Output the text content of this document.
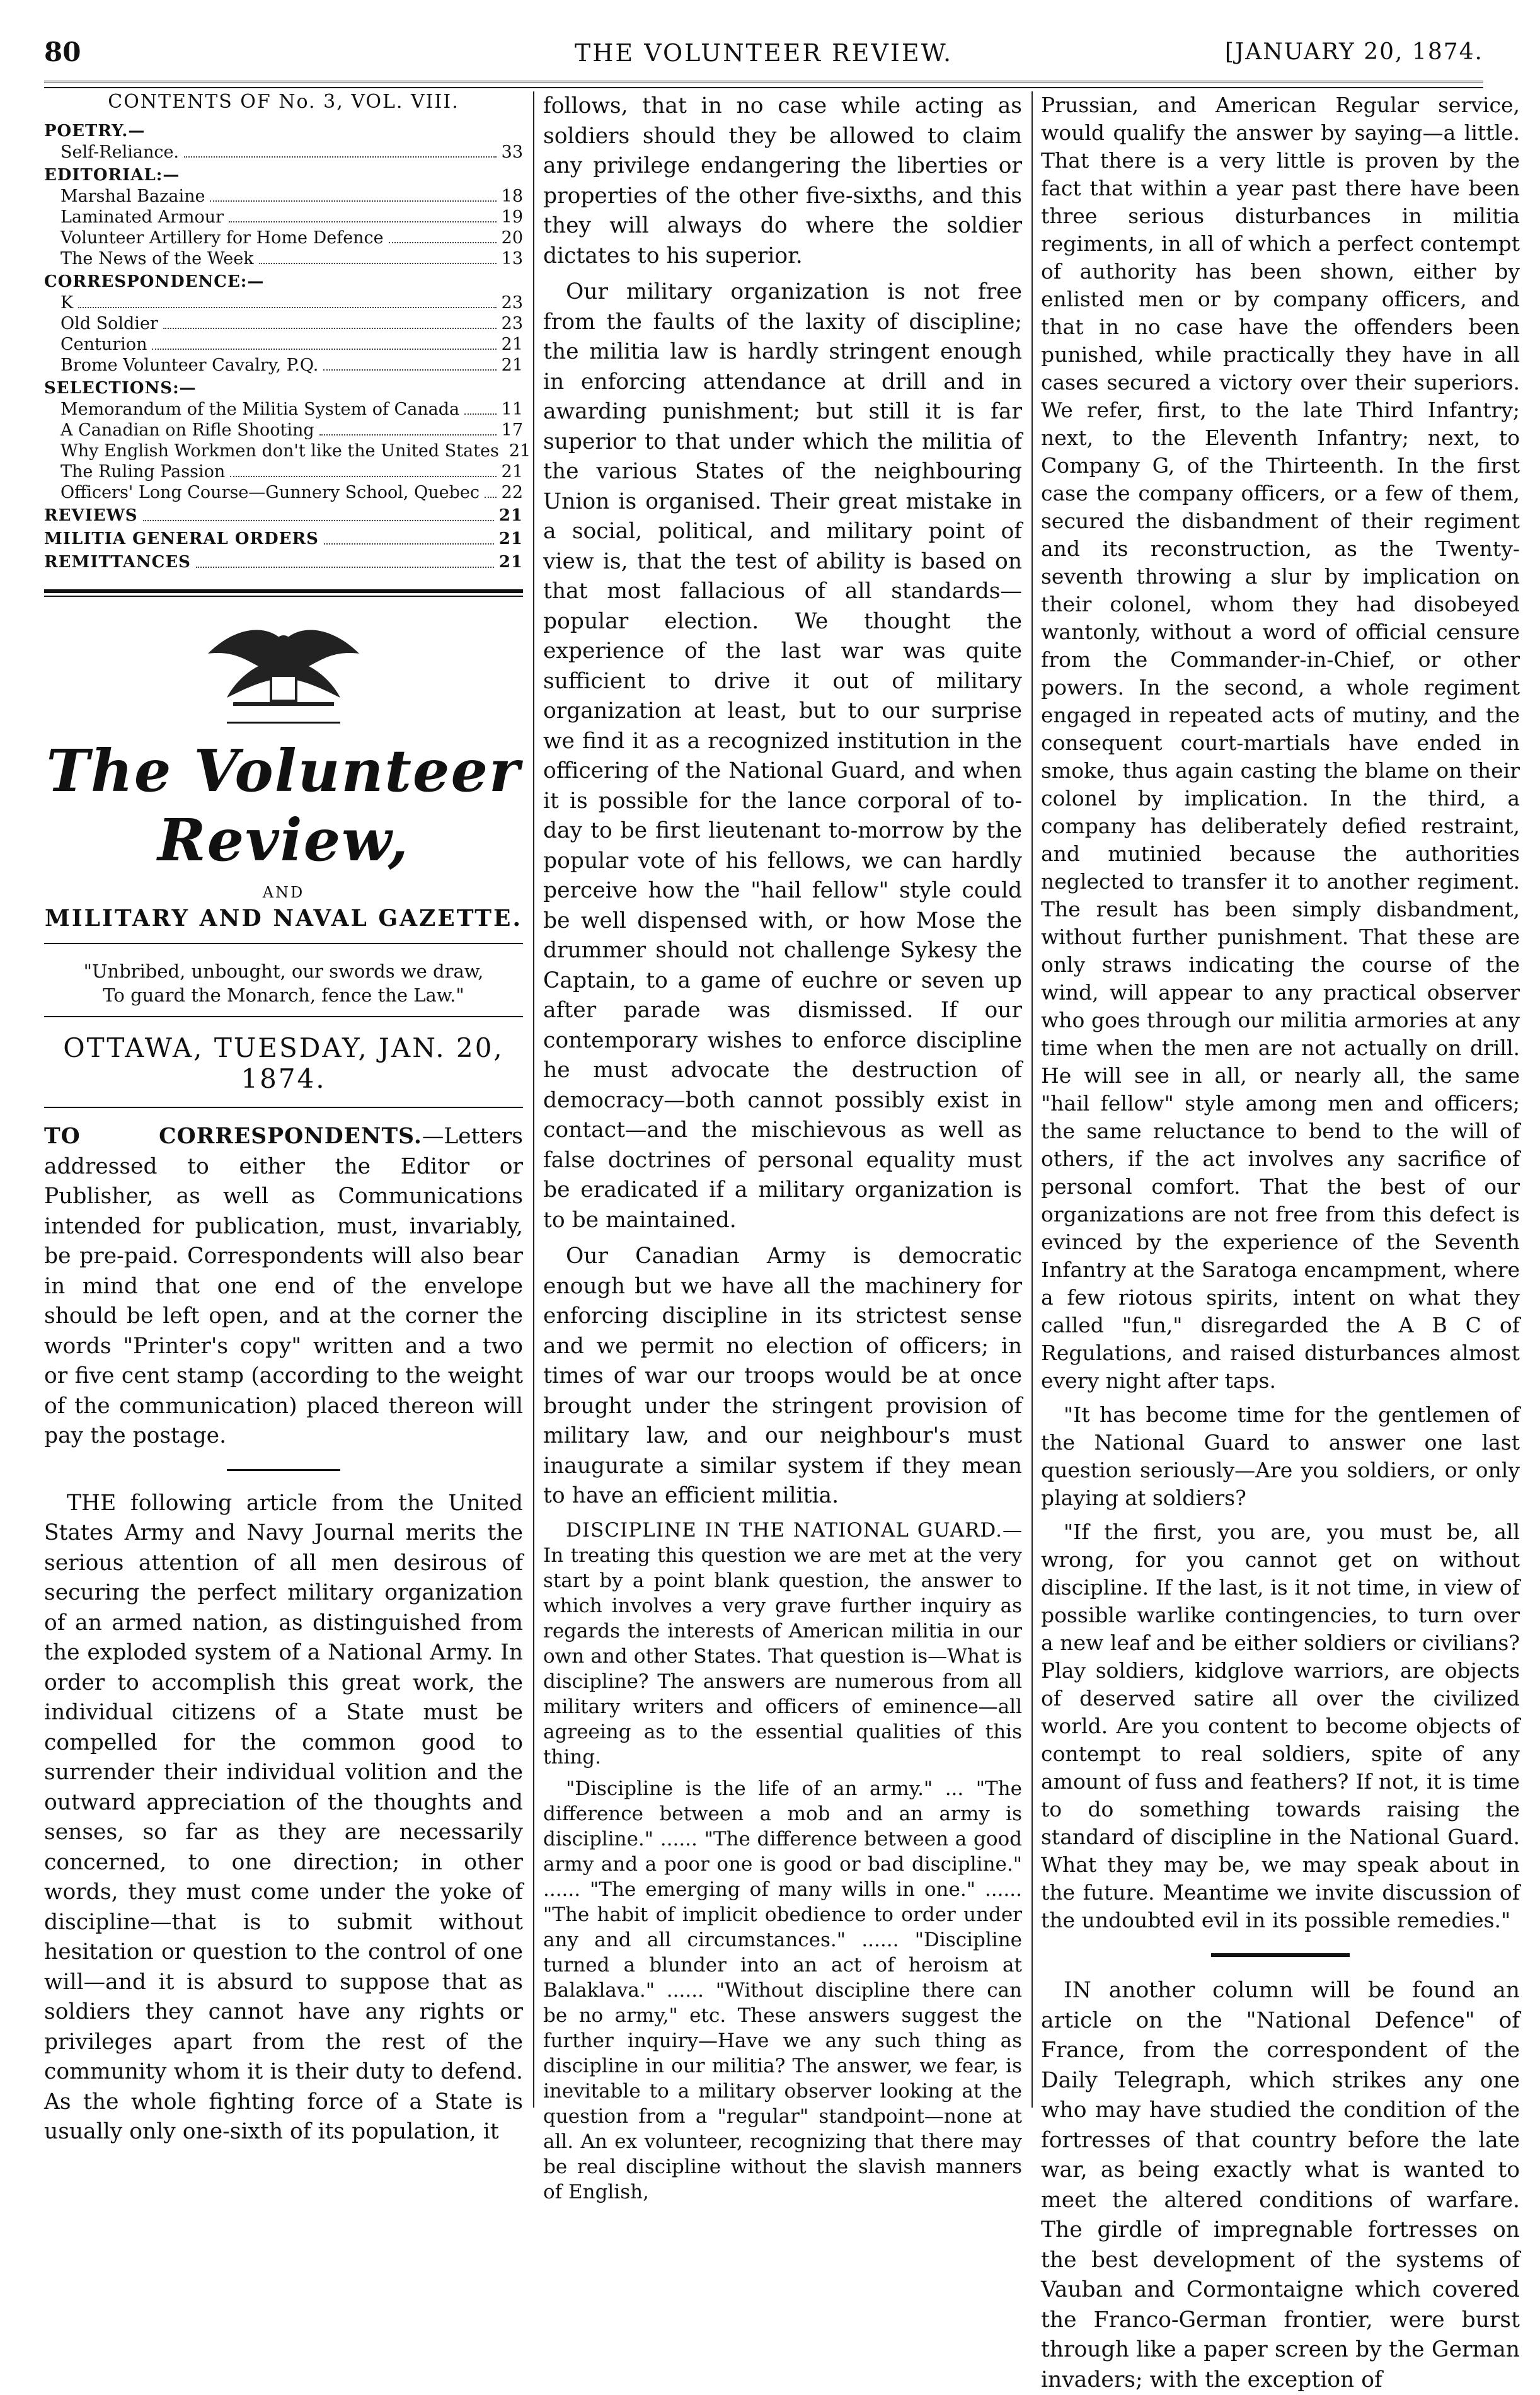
80	THE VOLUNTEER REVIEW.	[JANUARY 20, 1874.
CONTENTS OF No. 3, VOL. VIII.
POETRY.—
Self-Reliance.	33
EDITORIAL:—
Marshal Bazaine	18
Laminated Armour	19
Volunteer Artillery for Home Defence	20
The News of the Week	13
CORRESPONDENCE:—
K	23
Old Soldier	23
Centurion	21
Brome Volunteer Cavalry, P.Q.	21
SELECTIONS:—
Memorandum of the Militia System of Canada 11
A Canadian on Rifle Shooting	17
Why English Workmen don't like the United States 21
The Ruling Passion	21
Officers' Long Course—Gunnery School, Quebec 22
REVIEWS	21
MILITIA GENERAL ORDERS	21
REMITTANCES	21
The Volunteer Review,
AND
MILITARY AND NAVAL GAZETTE.
"Unbribed, unbought, our swords we draw,
To guard the Monarch, fence the Law."
OTTAWA, TUESDAY, JAN. 20, 1874.

TO CORRESPONDENTS.—Letters addressed to either the Editor or Publisher, as well as Communications intended for publication, must, invariably, be pre-paid. Correspondents will also bear in mind that one end of the envelope should be left open, and at the corner the words "Printer's copy" written and a two or five cent stamp (according to the weight of the communication) placed thereon will pay the postage.

THE following article from the United States Army and Navy Journal merits the serious attention of all men desirous of securing the perfect military organization of an armed nation, as distinguished from the exploded system of a National Army. In order to accomplish this great work, the individual citizens of a State must be compelled for the common good to surrender their individual volition and the outward appreciation of the thoughts and senses, so far as they are necessarily concerned, to one direction; in other words, they must come under the yoke of discipline—that is to submit without hesitation or question to the control of one will—and it is absurd to suppose that as soldiers they cannot have any rights or privileges apart from the rest of the community whom it is their duty to defend. As the whole fighting force of a State is usually only one-sixth of its population, it

follows, that in no case while acting as soldiers should they be allowed to claim any privilege endangering the liberties or properties of the other five-sixths, and this they will always do where the soldier dictates to his superior.

Our military organization is not free from the faults of the laxity of discipline; the militia law is hardly stringent enough in enforcing attendance at drill and in awarding punishment; but still it is far superior to that under which the militia of the various States of the neighbouring Union is organised. Their great mistake in a social, political, and military point of view is, that the test of ability is based on that most fallacious of all standards—popular election. We thought the experience of the last war was quite sufficient to drive it out of military organization at least, but to our surprise we find it as a recognized institution in the officering of the National Guard, and when it is possible for the lance corporal of to-day to be first lieutenant to-morrow by the popular vote of his fellows, we can hardly perceive how the "hail fellow" style could be well dispensed with, or how Mose the drummer should not challenge Sykesy the Captain, to a game of euchre or seven up after parade was dismissed. If our contemporary wishes to enforce discipline he must advocate the destruction of democracy—both cannot possibly exist in contact—and the mischievous as well as false doctrines of personal equality must be eradicated if a military organization is to be maintained.

Our Canadian Army is democratic enough but we have all the machinery for enforcing discipline in its strictest sense and we permit no election of officers; in times of war our troops would be at once brought under the stringent provision of military law, and our neighbour's must inaugurate a similar system if they mean to have an efficient militia.

DISCIPLINE IN THE NATIONAL GUARD.—In treating this question we are met at the very start by a point blank question, the answer to which involves a very grave further inquiry as regards the interests of American militia in our own and other States. That question is—What is discipline? The answers are numerous from all military writers and officers of eminence—all agreeing as to the essential qualities of this thing.

"Discipline is the life of an army." ... "The difference between a mob and an army is discipline." ...... "The difference between a good army and a poor one is good or bad discipline." ...... "The emerging of many wills in one." ...... "The habit of implicit obedience to order under any and all circumstances." ...... "Discipline turned a blunder into an act of heroism at Balaklava." ...... "Without discipline there can be no army," etc. These answers suggest the further inquiry—Have we any such thing as discipline in our militia? The answer, we fear, is inevitable to a military observer looking at the question from a "regular" standpoint—none at all. An ex volunteer, recognizing that there may be real discipline without the slavish manners of English,

Prussian, and American Regular service, would qualify the answer by saying—a little. That there is a very little is proven by the fact that within a year past there have been three serious disturbances in militia regiments, in all of which a perfect contempt of authority has been shown, either by enlisted men or by company officers, and that in no case have the offenders been punished, while practically they have in all cases secured a victory over their superiors. We refer, first, to the late Third Infantry; next, to the Eleventh Infantry; next, to Company G, of the Thirteenth. In the first case the company officers, or a few of them, secured the disbandment of their regiment and its reconstruction, as the Twenty-seventh throwing a slur by implication on their colonel, whom they had disobeyed wantonly, without a word of official censure from the Commander-in-Chief, or other powers. In the second, a whole regiment engaged in repeated acts of mutiny, and the consequent court-martials have ended in smoke, thus again casting the blame on their colonel by implication. In the third, a company has deliberately defied restraint, and mutinied because the authorities neglected to transfer it to another regiment. The result has been simply disbandment, without further punishment. That these are only straws indicating the course of the wind, will appear to any practical observer who goes through our militia armories at any time when the men are not actually on drill. He will see in all, or nearly all, the same "hail fellow" style among men and officers; the same reluctance to bend to the will of others, if the act involves any sacrifice of personal comfort. That the best of our organizations are not free from this defect is evinced by the experience of the Seventh Infantry at the Saratoga encampment, where a few riotous spirits, intent on what they called "fun," disregarded the A B C of Regulations, and raised disturbances almost every night after taps.

"It has become time for the gentlemen of the National Guard to answer one last question seriously—Are you soldiers, or only playing at soldiers?

"If the first, you are, you must be, all wrong, for you cannot get on without discipline. If the last, is it not time, in view of possible warlike contingencies, to turn over a new leaf and be either soldiers or civilians? Play soldiers, kidglove warriors, are objects of deserved satire all over the civilized world. Are you content to become objects of contempt to real soldiers, spite of any amount of fuss and feathers? If not, it is time to do something towards raising the standard of discipline in the National Guard. What they may be, we may speak about in the future. Meantime we invite discussion of the undoubted evil in its possible remedies."

IN another column will be found an article on the "National Defence" of France, from the correspondent of the Daily Telegraph, which strikes any one who may have studied the condition of the fortresses of that country before the late war, as being exactly what is wanted to meet the altered conditions of warfare. The girdle of impregnable fortresses on the best development of the systems of Vauban and Cormontaigne which covered the Franco-German frontier, were burst through like a paper screen by the German invaders; with the exception of
